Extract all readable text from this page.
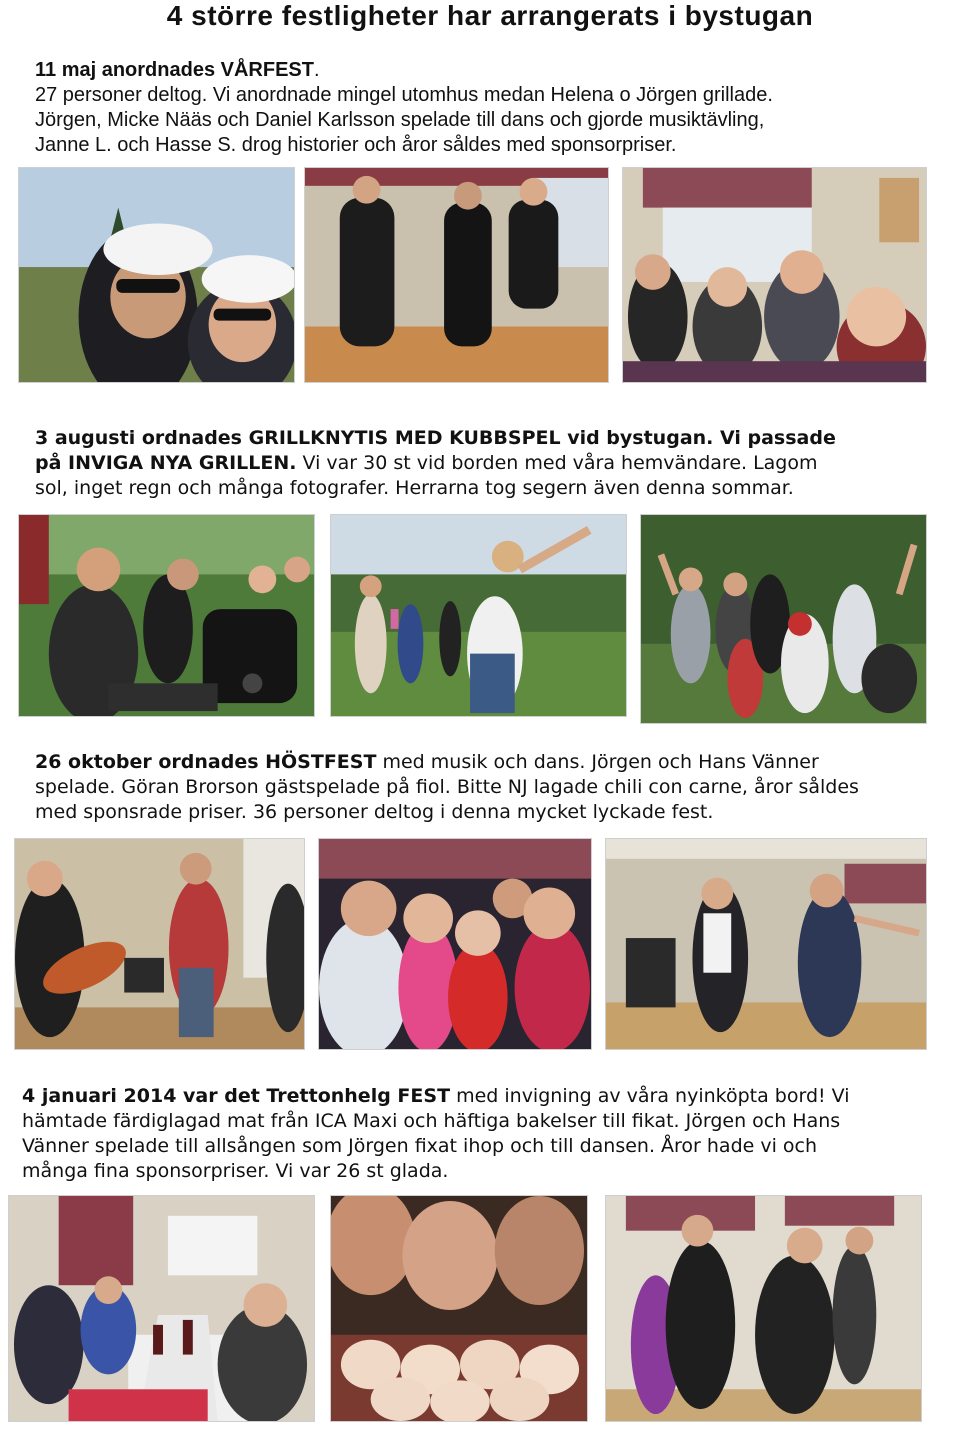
4 större festligheter har arrangerats i bystugan
11 maj anordnades VÅRFEST.
27 personer deltog. Vi anordnade mingel utomhus medan Helena o Jörgen grillade.
Jörgen, Micke Nääs och Daniel Karlsson spelade till dans och gjorde musiktävling,
Janne L. och Hasse S. drog historier och åror såldes med sponsorpriser.
3 augusti ordnades GRILLKNYTIS MED KUBBSPEL vid bystugan. Vi passade
på INVIGA NYA GRILLEN. Vi var 30 st vid borden med våra hemvändare. Lagom
sol, inget regn och många fotografer. Herrarna tog segern även denna sommar.
26 oktober ordnades HÖSTFEST med musik och dans. Jörgen och Hans Vänner
spelade. Göran Brorson gästspelade på fiol. Bitte NJ lagade chili con carne, åror såldes
med sponsrade priser. 36 personer deltog i denna mycket lyckade fest.
4 januari 2014 var det Trettonhelg FEST med invigning av våra nyinköpta bord! Vi
hämtade färdiglagad mat från ICA Maxi och häftiga bakelser till fikat. Jörgen och Hans
Vänner spelade till allsången som Jörgen fixat ihop och till dansen. Åror hade vi och
många fina sponsorpriser. Vi var 26 st glada.
